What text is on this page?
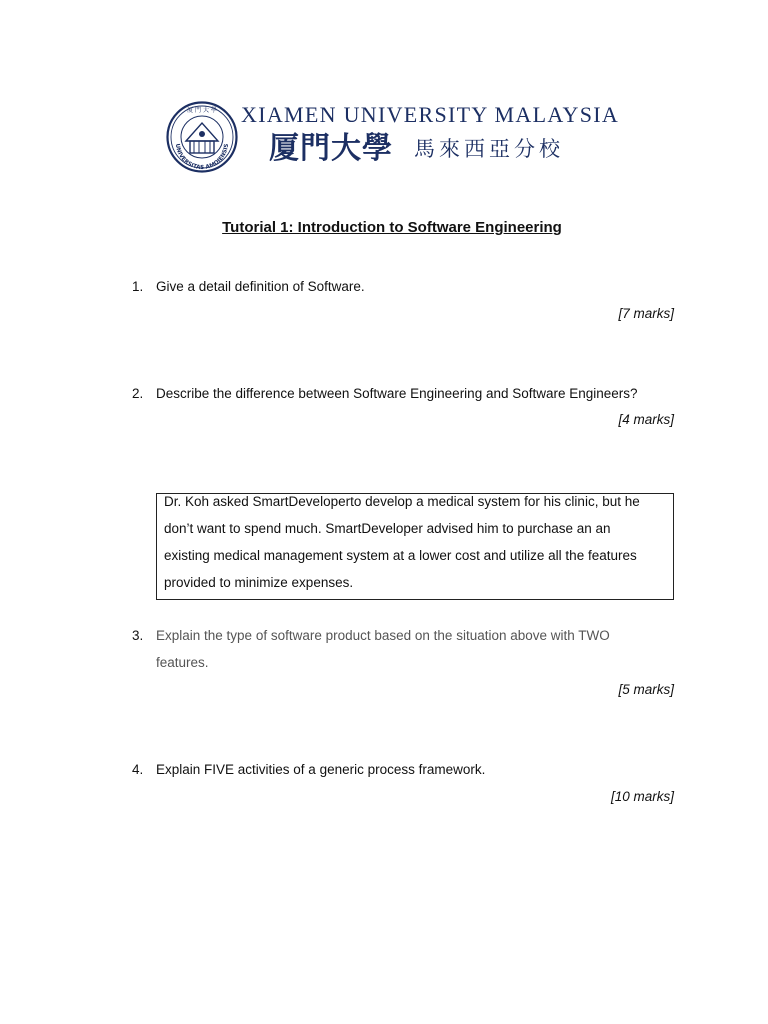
厦 門 大 學
UNIVERSITAS AMOIENSIS
XIAMEN UNIVERSITY MALAYSIA
厦門大學 馬來西亞分校
Tutorial 1: Introduction to Software Engineering
1. Give a detail definition of Software.
[7 marks]
2. Describe the difference between Software Engineering and Software Engineers?
[4 marks]
Dr. Koh asked SmartDeveloperto develop a medical system for his clinic, but he
don’t want to spend much. SmartDeveloper advised him to purchase an an
existing medical management system at a lower cost and utilize all the features
provided to minimize expenses.
3. Explain the type of software product based on the situation above with TWO
features.
[5 marks]
4. Explain FIVE activities of a generic process framework.
[10 marks]
